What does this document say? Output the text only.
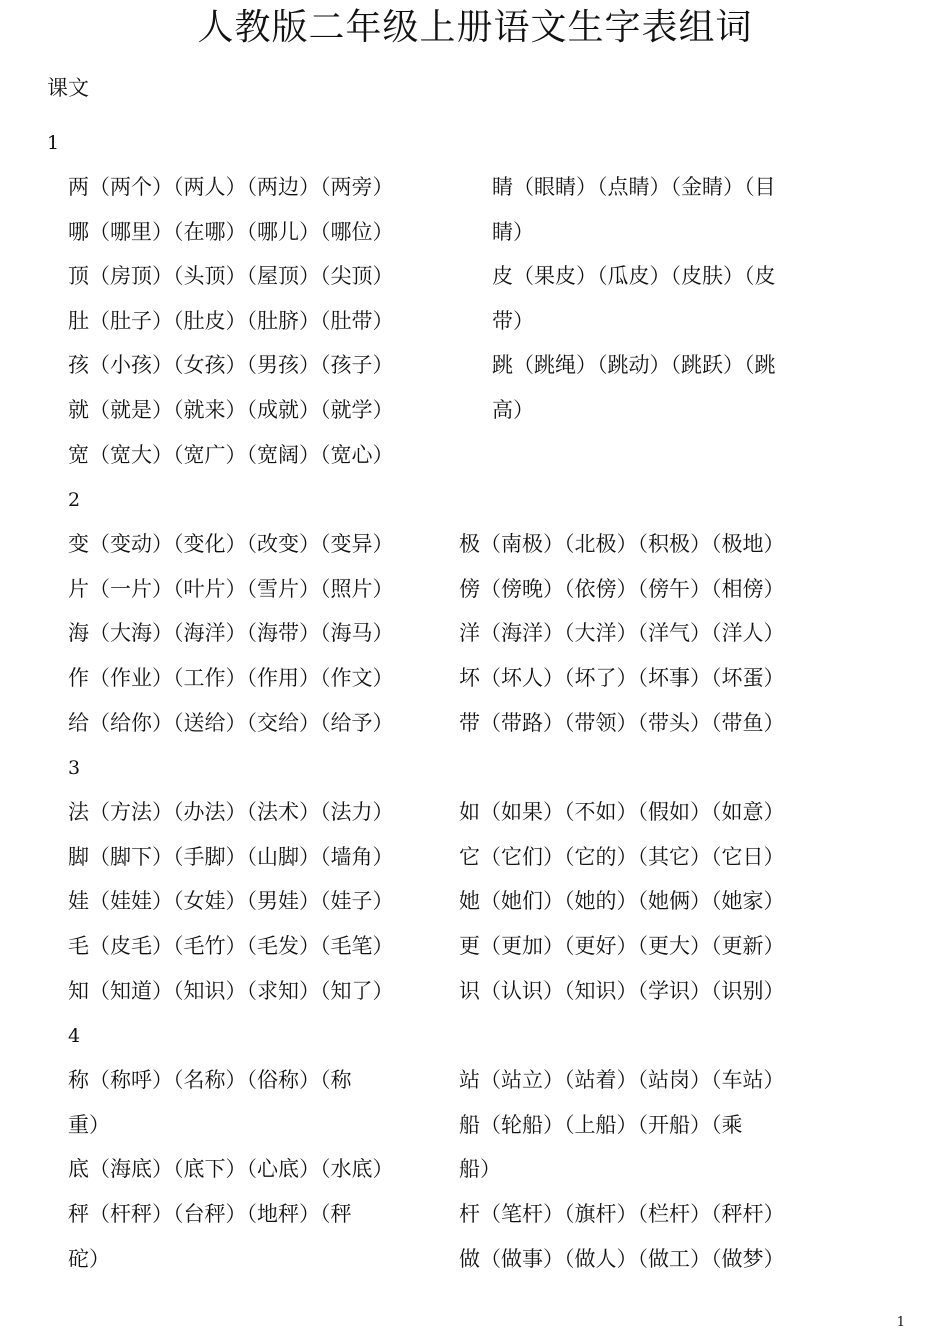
人教版二年级上册语文生字表组词
课文
1
两（两个）（两人）（两边）（两旁）
哪（哪里）（在哪）（哪儿）（哪位）
顶（房顶）（头顶）（屋顶）（尖顶）
肚（肚子）（肚皮）（肚脐）（肚带）
孩（小孩）（女孩）（男孩）（孩子）
就（就是）（就来）（成就）（就学）
宽（宽大）（宽广）（宽阔）（宽心）
睛（眼睛）（点睛）（金睛）（目
睛）
皮（果皮）（瓜皮）（皮肤）（皮
带）
跳（跳绳）（跳动）（跳跃）（跳
高）
2
变（变动）（变化）（改变）（变异）
片（一片）（叶片）（雪片）（照片）
海（大海）（海洋）（海带）（海马）
作（作业）（工作）（作用）（作文）
给（给你）（送给）（交给）（给予）
极（南极）（北极）（积极）（极地）
傍（傍晚）（依傍）（傍午）（相傍）
洋（海洋）（大洋）（洋气）（洋人）
坏（坏人）（坏了）（坏事）（坏蛋）
带（带路）（带领）（带头）（带鱼）
3
法（方法）（办法）（法术）（法力）
脚（脚下）（手脚）（山脚）（墙角）
娃（娃娃）（女娃）（男娃）（娃子）
毛（皮毛）（毛竹）（毛发）（毛笔）
知（知道）（知识）（求知）（知了）
如（如果）（不如）（假如）（如意）
它（它们）（它的）（其它）（它日）
她（她们）（她的）（她俩）（她家）
更（更加）（更好）（更大）（更新）
识（认识）（知识）（学识）（识别）
4
称（称呼）（名称）（俗称）（称
重）
底（海底）（底下）（心底）（水底）
秤（杆秤）（台秤）（地秤）（秤
砣）
站（站立）（站着）（站岗）（车站）
船（轮船）（上船）（开船）（乘
船）
杆（笔杆）（旗杆）（栏杆）（秤杆）
做（做事）（做人）（做工）（做梦）
1
